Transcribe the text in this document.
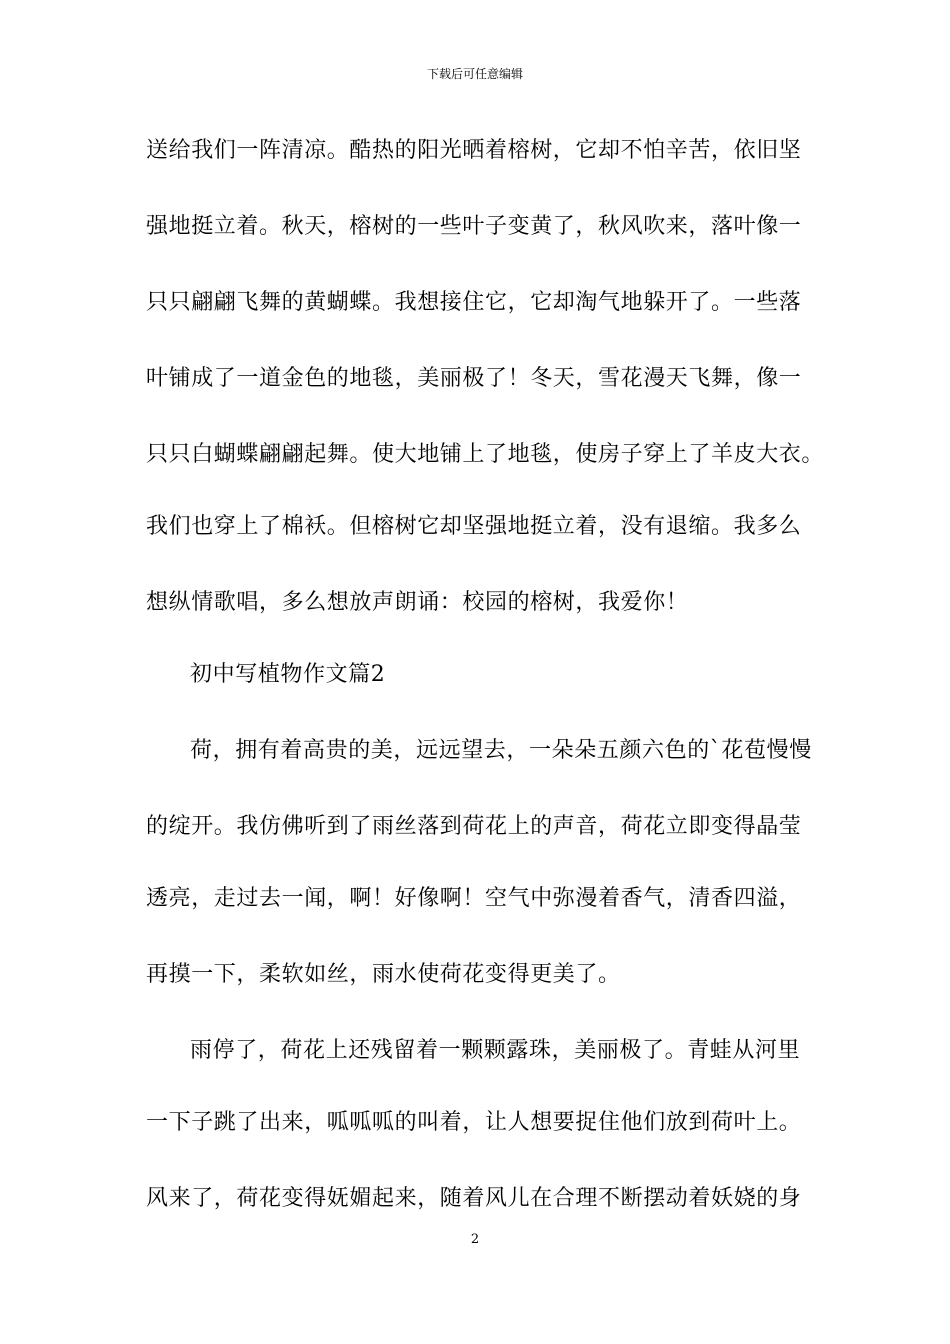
下载后可任意编辑
送给我们一阵清凉。酷热的阳光晒着榕树，它却不怕辛苦，依旧坚
强地挺立着。秋天，榕树的一些叶子变黄了，秋风吹来，落叶像一
只只翩翩飞舞的黄蝴蝶。我想接住它，它却淘气地躲开了。一些落
叶铺成了一道金色的地毯，美丽极了！冬天，雪花漫天飞舞，像一
只只白蝴蝶翩翩起舞。使大地铺上了地毯，使房子穿上了羊皮大衣。
我们也穿上了棉袄。但榕树它却坚强地挺立着，没有退缩。我多么
想纵情歌唱，多么想放声朗诵：校园的榕树，我爱你！
初中写植物作文篇2
荷，拥有着高贵的美，远远望去，一朵朵五颜六色的`花苞慢慢
的绽开。我仿佛听到了雨丝落到荷花上的声音，荷花立即变得晶莹
透亮，走过去一闻，啊！好像啊！空气中弥漫着香气，清香四溢，
再摸一下，柔软如丝，雨水使荷花变得更美了。
雨停了，荷花上还残留着一颗颗露珠，美丽极了。青蛙从河里
一下子跳了出来，呱呱呱的叫着，让人想要捉住他们放到荷叶上。
风来了，荷花变得妩媚起来，随着风儿在合理不断摆动着妖娆的身
2
